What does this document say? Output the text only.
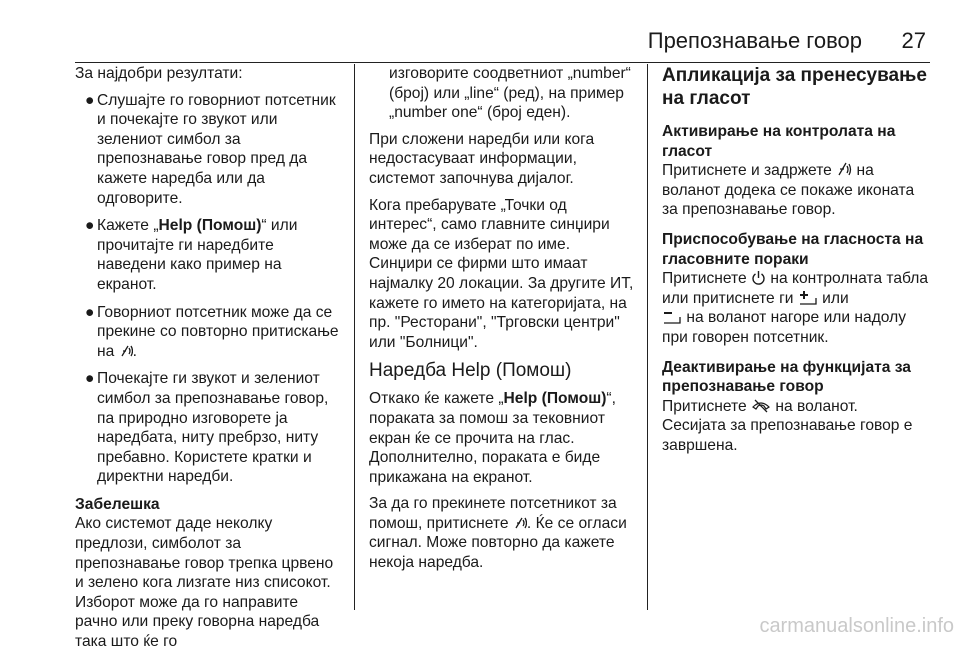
Препознавање говор 27

За најдобри резултати:

● Слушајте го говорниот потсетник и почекајте го звукот или зелениот симбол за препознавање говор пред да кажете наредба или да одговорите.
● Кажете „Help (Помош)“ или прочитајте ги наредбите наведени како пример на екранот.
● Говорниот потсетник може да се прекине со повторно притискање на .
● Почекајте ги звукот и зелениот симбол за препознавање говор, па природно изговорете ја наредбата, ниту пребрзо, ниту пребавно. Користете кратки и директни наредби.

Забелешка

Ако системот даде неколку предлози, симболот за препознавање говор трепка црвено и зелено кога лизгате низ списокот. Изборот може да го направите рачно или преку говорна наредба така што ќе го

изговорите соодветниот „number“ (број) или „line“ (ред), на пример „number one“ (број еден).

При сложени наредби или кога недостасуваат информации, системот започнува дијалог.

Кога пребарувате „Точки од интерес“, само главните синџири може да се изберат по име. Синџири се фирми што имаат најмалку 20 локации. За другите ИТ, кажете го името на категоријата, на пр. "Ресторани", "Трговски центри" или "Болници".

Наредба Help (Помош)

Откако ќе кажете „Help (Помош)“, пораката за помош за тековниот екран ќе се прочита на глас. Дополнително, пораката е биде прикажана на екранот.

За да го прекинете потсетникот за помош, притиснете . Ќе се огласи сигнал. Може повторно да кажете некоја наредба.

Апликација за пренесување на гласот

Активирање на контролата на гласот

Притиснете и задржете на воланот додека се покаже иконата за препознавање говор.

Приспособување на гласноста на гласовните пораки

Притиснете на контролната табла или притиснете ги или

на воланот нагоре или надолу при говорен потсетник.

Деактивирање на функцијата за препознавање говор

Притиснете на воланот.

Сесијата за препознавање говор е завршена.

carmanualsonline.info
